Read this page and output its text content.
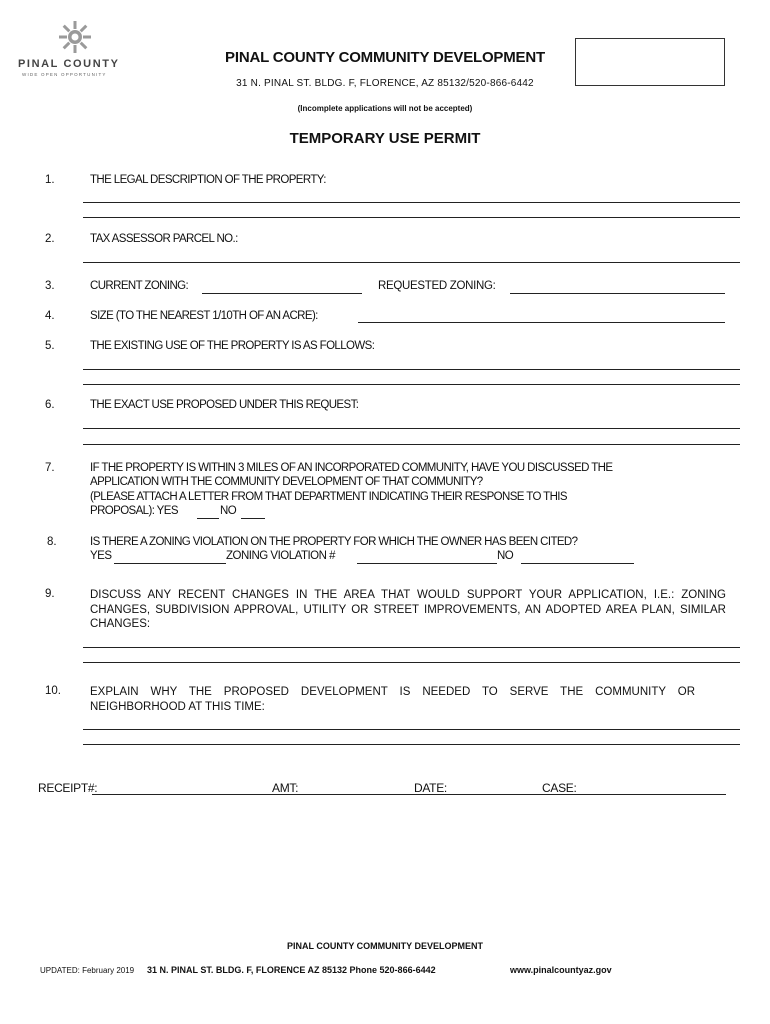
PINAL COUNTY
WIDE OPEN OPPORTUNITY
PINAL COUNTY COMMUNITY DEVELOPMENT
31 N. PINAL ST. BLDG. F, FLORENCE, AZ 85132/520-866-6442
(Incomplete applications will not be accepted)
TEMPORARY USE PERMIT
1.	THE LEGAL DESCRIPTION OF THE PROPERTY:
2.	TAX ASSESSOR PARCEL NO.:
3.	CURRENT ZONING:	REQUESTED ZONING:
4.	SIZE (TO THE NEAREST 1/10TH OF AN ACRE):
5.	THE EXISTING USE OF THE PROPERTY IS AS FOLLOWS:
6.	THE EXACT USE PROPOSED UNDER THIS REQUEST:
7.	IF THE PROPERTY IS WITHIN 3 MILES OF AN INCORPORATED COMMUNITY, HAVE YOU DISCUSSED THE
APPLICATION WITH THE COMMUNITY DEVELOPMENT OF THAT COMMUNITY?
(PLEASE ATTACH A LETTER FROM THAT DEPARTMENT INDICATING THEIR RESPONSE TO THIS
PROPOSAL): YES	NO
8.	IS THERE A ZONING VIOLATION ON THE PROPERTY FOR WHICH THE OWNER HAS BEEN CITED?
YES	ZONING VIOLATION #	NO
9.	DISCUSS ANY RECENT CHANGES IN THE AREA THAT WOULD SUPPORT YOUR APPLICATION, I.E.: ZONING CHANGES, SUBDIVISION APPROVAL, UTILITY OR STREET IMPROVEMENTS, AN ADOPTED AREA PLAN, SIMILAR CHANGES:
10.	EXPLAIN WHY THE PROPOSED DEVELOPMENT IS NEEDED TO SERVE THE COMMUNITY OR NEIGHBORHOOD AT THIS TIME:
RECEIPT#:	AMT:	DATE:	CASE:
PINAL COUNTY COMMUNITY DEVELOPMENT
UPDATED: February 2019 31 N. PINAL ST. BLDG. F, FLORENCE AZ 85132 Phone 520-866-6442	www.pinalcountyaz.gov
